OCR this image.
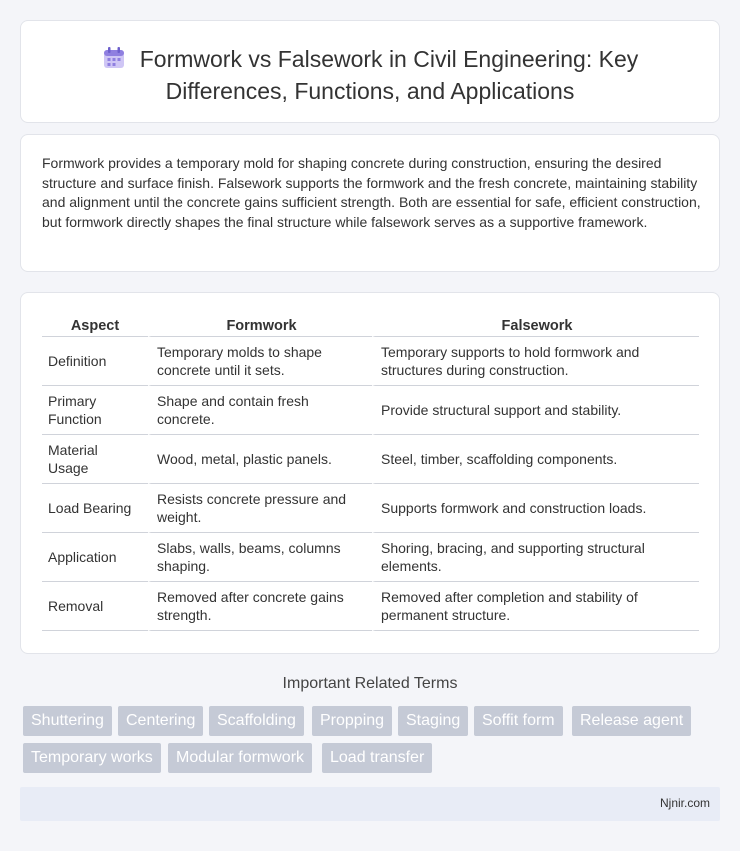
Formwork vs Falsework in Civil Engineering: Key
Differences, Functions, and Applications

Formwork provides a temporary mold for shaping concrete during construction, ensuring the desired structure and surface finish. Falsework supports the formwork and the fresh concrete, maintaining stability and alignment until the concrete gains sufficient strength. Both are essential for safe, efficient construction, but formwork directly shapes the final structure while falsework serves as a supportive framework.

Aspect	Formwork	Falsework
Definition	Temporary molds to shape concrete until it sets.	Temporary supports to hold formwork and structures during construction.
Primary Function	Shape and contain fresh concrete.	Provide structural support and stability.
Material Usage	Wood, metal, plastic panels.	Steel, timber, scaffolding components.
Load Bearing	Resists concrete pressure and weight.	Supports formwork and construction loads.
Application	Slabs, walls, beams, columns shaping.	Shoring, bracing, and supporting structural elements.
Removal	Removed after concrete gains strength.	Removed after completion and stability of permanent structure.
Important Related Terms
Shuttering	Centering	Scaffolding	Propping	Staging	Soffit form	Release agent
Temporary works	Modular formwork	Load transfer
Njnir.com
